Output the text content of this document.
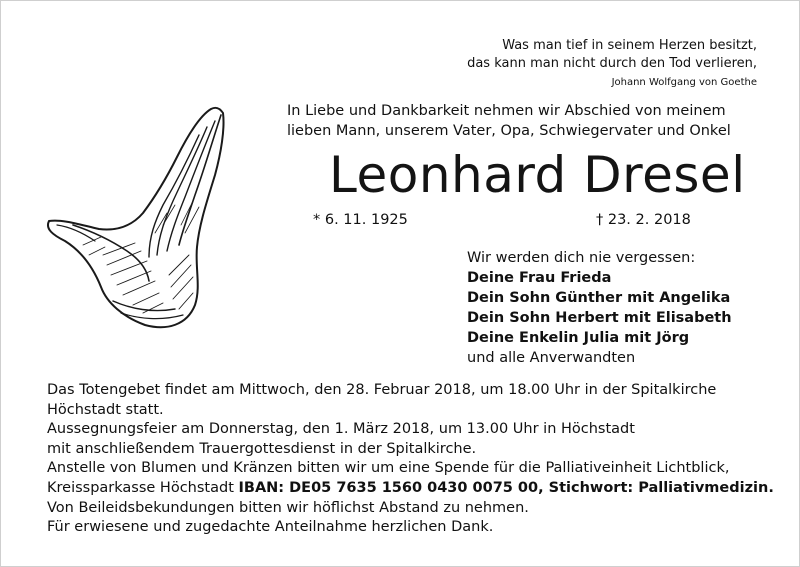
Was man tief in seinem Herzen besitzt,
das kann man nicht durch den Tod verlieren,
Johann Wolfgang von Goethe
In Liebe und Dankbarkeit nehmen wir Abschied von meinem
lieben Mann, unserem Vater, Opa, Schwiegervater und Onkel
Leonhard Dresel
* 6. 11. 1925	† 23. 2. 2018
Wir werden dich nie vergessen:
Deine Frau Frieda
Dein Sohn Günther mit Angelika
Dein Sohn Herbert mit Elisabeth
Deine Enkelin Julia mit Jörg
und alle Anverwandten
Das Totengebet findet am Mittwoch, den 28. Februar 2018, um 18.00 Uhr in der Spitalkirche
Höchstadt statt.
Aussegnungsfeier am Donnerstag, den 1. März 2018, um 13.00 Uhr in Höchstadt
mit anschließendem Trauergottesdienst in der Spitalkirche.
Anstelle von Blumen und Kränzen bitten wir um eine Spende für die Palliativeinheit Lichtblick,
Kreissparkasse Höchstadt IBAN: DE05 7635 1560 0430 0075 00, Stichwort: Palliativmedizin.
Von Beileidsbekundungen bitten wir höflichst Abstand zu nehmen.
Für erwiesene und zugedachte Anteilnahme herzlichen Dank.
